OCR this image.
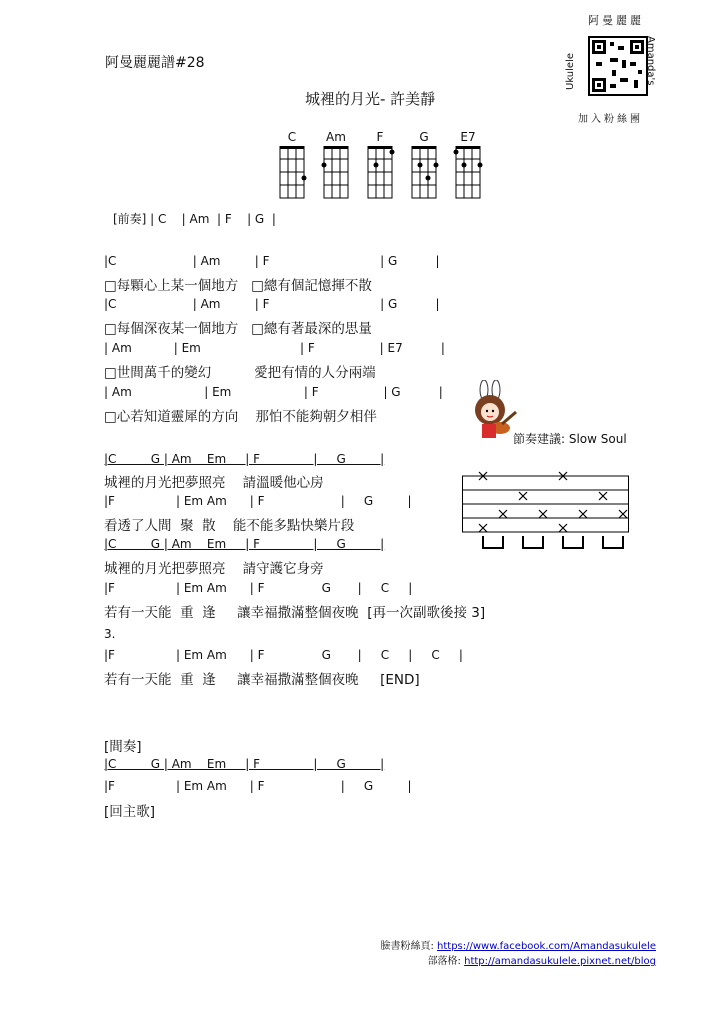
阿曼麗麗譜#28
城裡的月光- 許美靜
阿曼麗麗
Ukulele	Amanda's
加入粉絲團
C	Am	F	G	E7
[前奏] | C    | Am  | F    | G  |
|C                    | Am         | F                             | G          |
□每顆心上某一個地方   □總有個記憶揮不散
|C                    | Am         | F                             | G          |
□每個深夜某一個地方   □總有著最深的思量
| Am           | Em                          | F                 | E7          |
□世間萬千的變幻          愛把有情的人分兩端
| Am                   | Em                   | F                 | G          |
□心若知道靈犀的方向    那怕不能夠朝夕相伴
節奏建議: Slow Soul
|C         G | Am    Em     | F              |     G         |
城裡的月光把夢照亮    請溫暖他心房
|F                | Em Am      | F                    |     G         |
看透了人間  聚  散    能不能多點快樂片段
|C         G | Am    Em     | F              |     G         |
城裡的月光把夢照亮    請守護它身旁
|F                | Em Am      | F               G       |     C     |
若有一天能  重  逢     讓幸福撒滿整個夜晚  [再一次副歌後接 3]
3.
|F                | Em Am      | F               G       |     C     |     C     |
若有一天能  重  逢     讓幸福撒滿整個夜晚     [END]
[間奏]
|C         G | Am    Em     | F              |     G         |
|F                | Em Am      | F                    |     G         |
[回主歌]
臉書粉絲頁: https://www.facebook.com/Amandasukulele
部落格: http://amandasukulele.pixnet.net/blog
